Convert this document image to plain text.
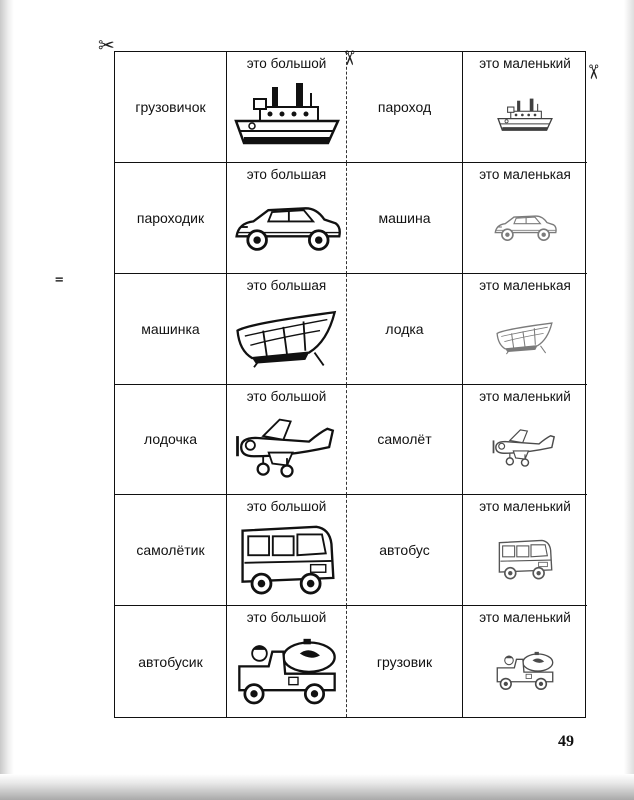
=
✂
✂
✂
грузовичок
это большой
пароход
это маленький
пароходик
это большая
машина
это маленькая
машинка
это большая
лодка
это маленькая
лодочка
это большой
самолёт
это маленький
самолётик
это большой
автобус
это маленький
автобусик
это большой
грузовик
это маленький
49
